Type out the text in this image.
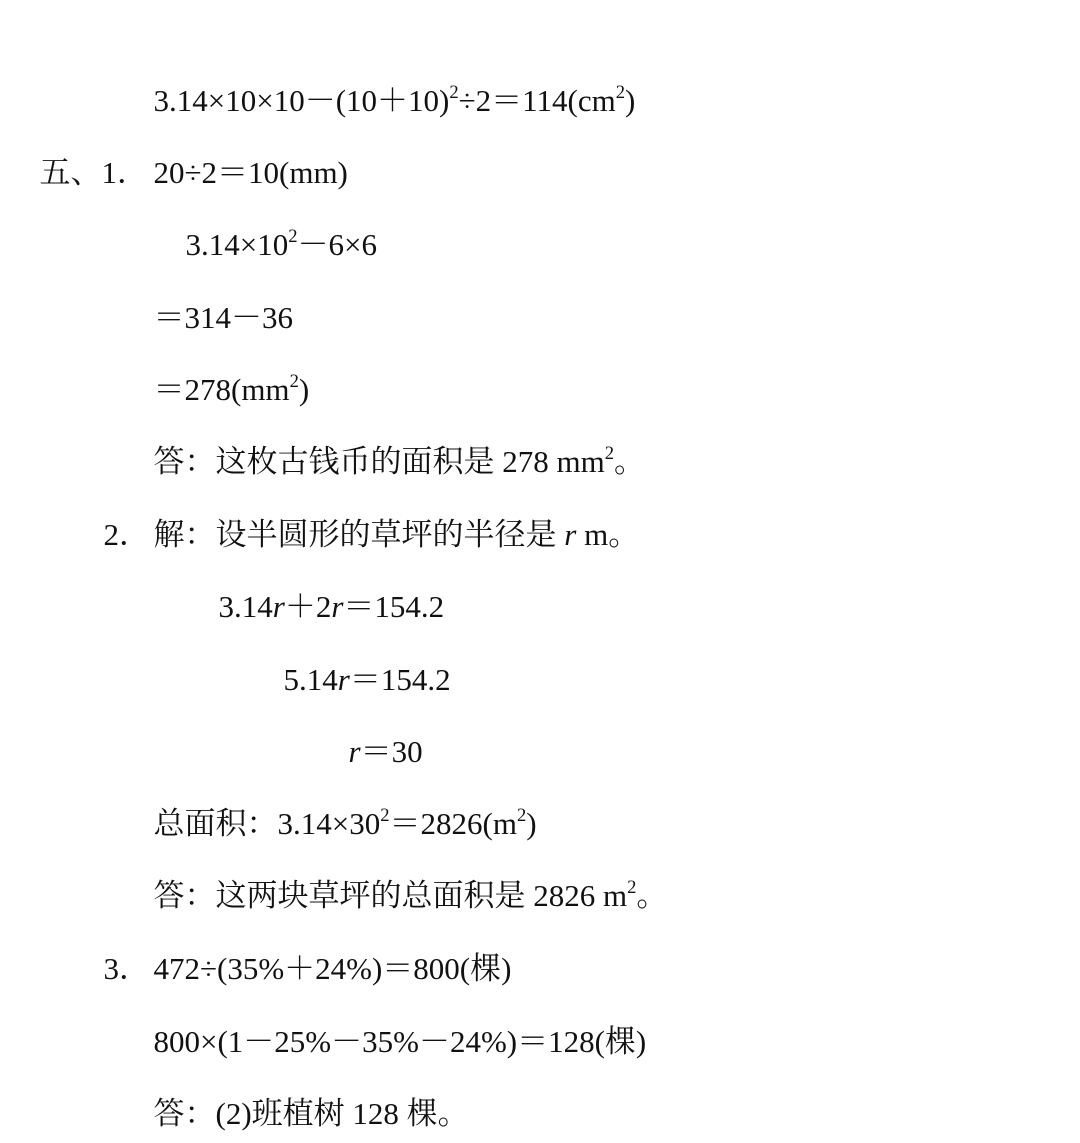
$3.14\times 10\times 10-(10+10)^2\div 2=114(cm^2)$

五、1． 20÷2＝10(mm)

$3.14\times 10^2-6\times 6$

＝314－36

$=278(mm^2)$

答：这枚古钱币的面积是 278 $mm^2$。

2． 解：设半圆形的草坪的半径是 r m。

3.14r＋2r＝154.2

5.14r＝154.2

r＝30

总面积：$3.14\times 30^2=2826(m^2)$

答：这两块草坪的总面积是 2826 $m^2$。

3． 472÷(35%＋24%)＝800(棵)

800×(1－25%－35%－24%)＝128(棵)

答：(2)班植树 128 棵。
